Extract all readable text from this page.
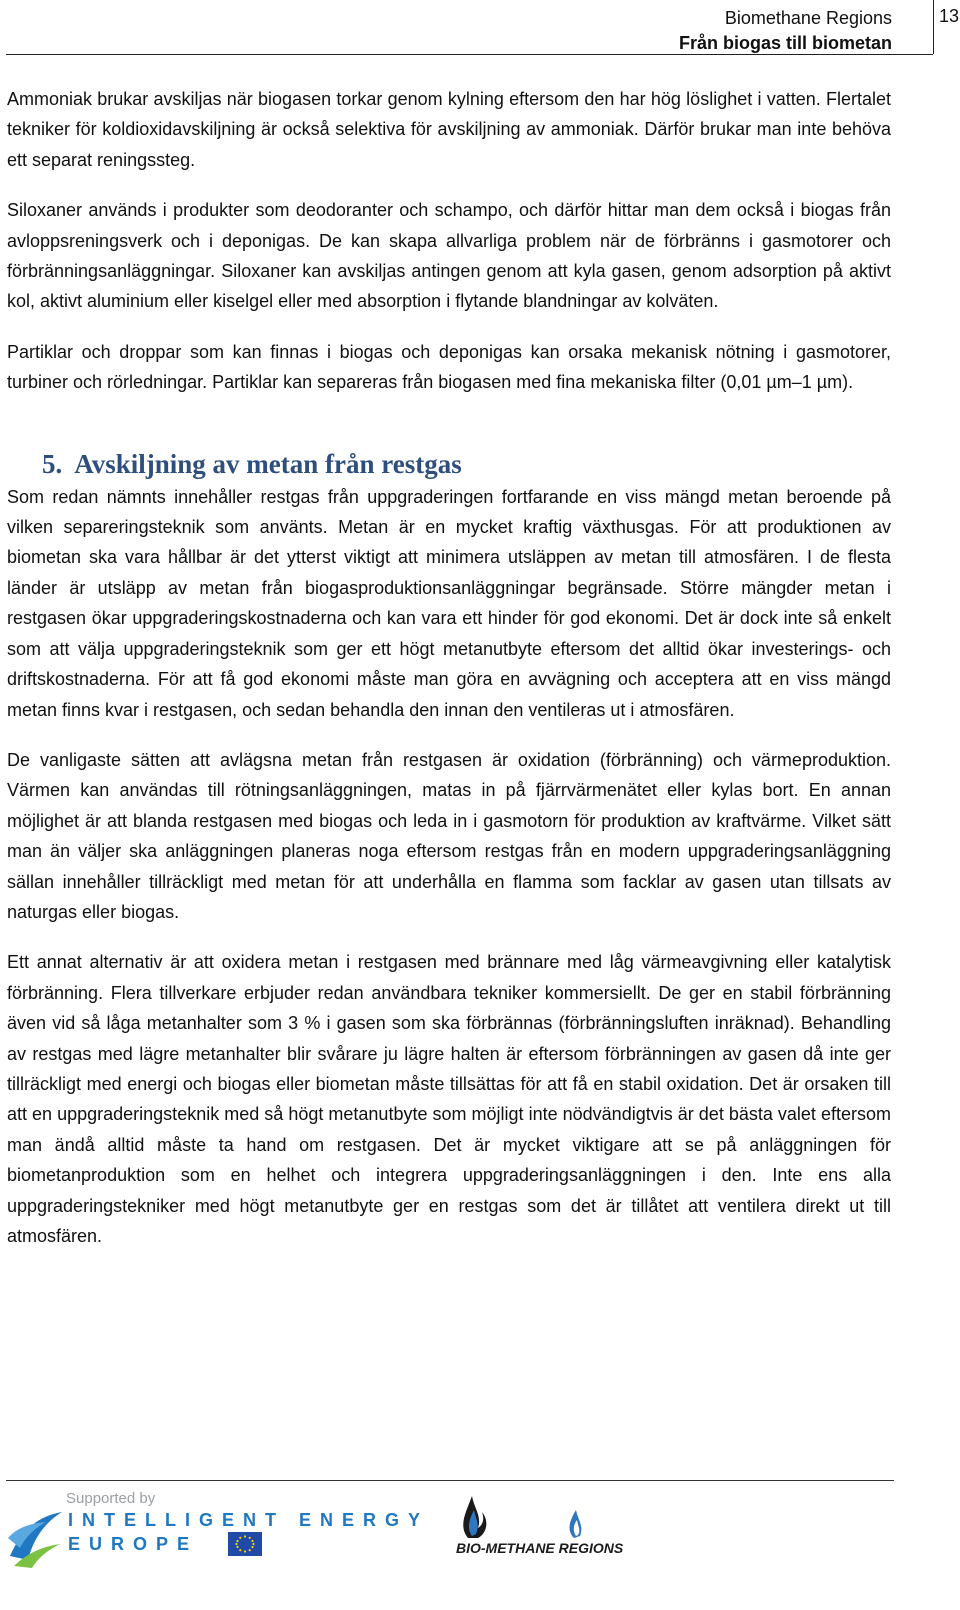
Biomethane Regions
Från biogas till biometan
13

Ammoniak brukar avskiljas när biogasen torkar genom kylning eftersom den har hög löslighet i vatten. Flertalet tekniker för koldioxidavskiljning är också selektiva för avskiljning av ammoniak. Därför brukar man inte behöva ett separat reningssteg.

Siloxaner används i produkter som deodoranter och schampo, och därför hittar man dem också i biogas från avloppsreningsverk och i deponigas. De kan skapa allvarliga problem när de förbränns i gasmotorer och förbränningsanläggningar. Siloxaner kan avskiljas antingen genom att kyla gasen, genom adsorption på aktivt kol, aktivt aluminium eller kiselgel eller med absorption i flytande blandningar av kolväten.

Partiklar och droppar som kan finnas i biogas och deponigas kan orsaka mekanisk nötning i gasmotorer, turbiner och rörledningar. Partiklar kan separeras från biogasen med fina mekaniska filter (0,01 µm–1 µm).

5. Avskiljning av metan från restgas

Som redan nämnts innehåller restgas från uppgraderingen fortfarande en viss mängd metan beroende på vilken separeringsteknik som använts. Metan är en mycket kraftig växthusgas. För att produktionen av biometan ska vara hållbar är det ytterst viktigt att minimera utsläppen av metan till atmosfären. I de flesta länder är utsläpp av metan från biogasproduktionsanläggningar begränsade. Större mängder metan i restgasen ökar uppgraderingskostnaderna och kan vara ett hinder för god ekonomi. Det är dock inte så enkelt som att välja uppgraderingsteknik som ger ett högt metanutbyte eftersom det alltid ökar investerings- och driftskostnaderna. För att få god ekonomi måste man göra en avvägning och acceptera att en viss mängd metan finns kvar i restgasen, och sedan behandla den innan den ventileras ut i atmosfären.

De vanligaste sätten att avlägsna metan från restgasen är oxidation (förbränning) och värmeproduktion. Värmen kan användas till rötningsanläggningen, matas in på fjärrvärmenätet eller kylas bort. En annan möjlighet är att blanda restgasen med biogas och leda in i gasmotorn för produktion av kraftvärme. Vilket sätt man än väljer ska anläggningen planeras noga eftersom restgas från en modern uppgraderingsanläggning sällan innehåller tillräckligt med metan för att underhålla en flamma som facklar av gasen utan tillsats av naturgas eller biogas.

Ett annat alternativ är att oxidera metan i restgasen med brännare med låg värmeavgivning eller katalytisk förbränning. Flera tillverkare erbjuder redan användbara tekniker kommersiellt. De ger en stabil förbränning även vid så låga metanhalter som 3 % i gasen som ska förbrännas (förbränningsluften inräknad). Behandling av restgas med lägre metanhalter blir svårare ju lägre halten är eftersom förbränningen av gasen då inte ger tillräckligt med energi och biogas eller biometan måste tillsättas för att få en stabil oxidation. Det är orsaken till att en uppgraderingsteknik med så högt metanutbyte som möjligt inte nödvändigtvis är det bästa valet eftersom man ändå alltid måste ta hand om restgasen. Det är mycket viktigare att se på anläggningen för biometanproduktion som en helhet och integrera uppgraderingsanläggningen i den. Inte ens alla uppgraderingstekniker med högt metanutbyte ger en restgas som det är tillåtet att ventilera direkt ut till atmosfären.

Supported by
INTELLIGENT ENERGY
EUROPE	BIO-METHANE REGIONS
